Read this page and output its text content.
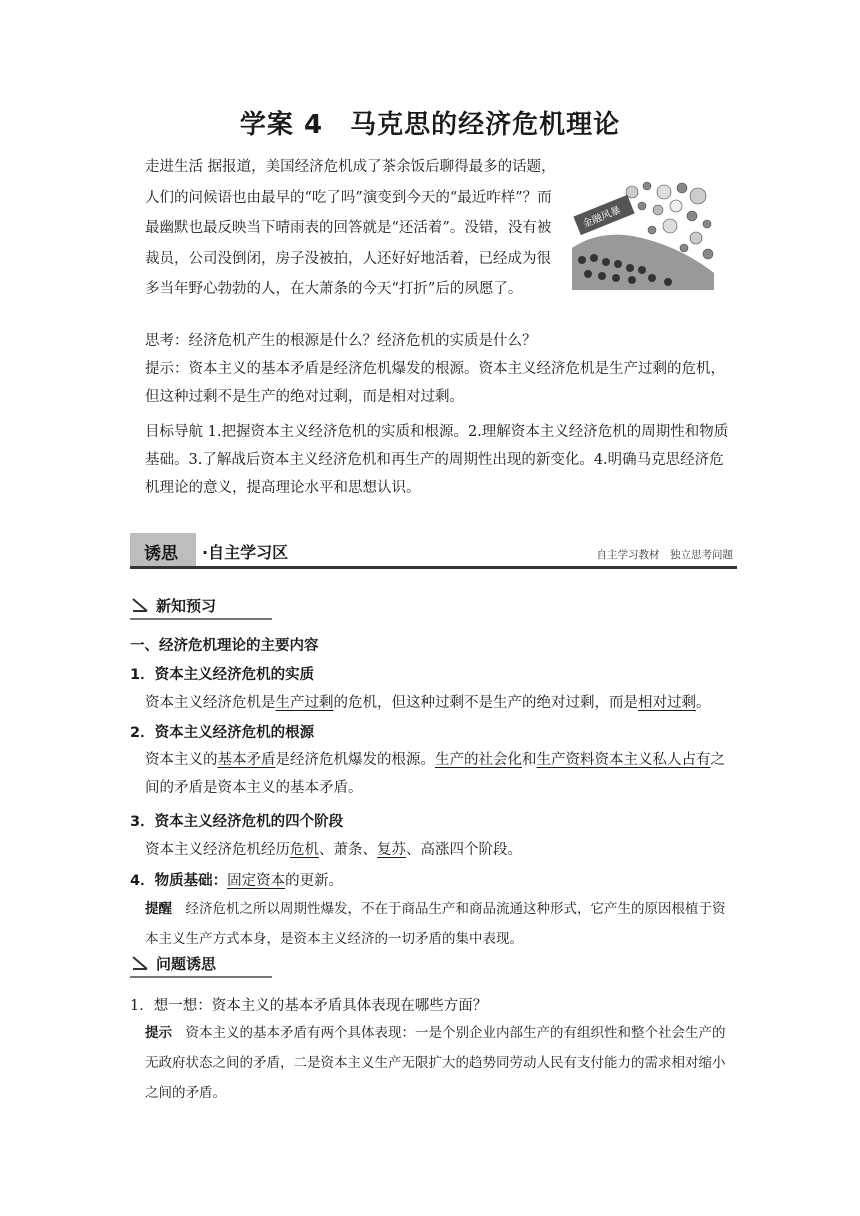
学案 4　马克思的经济危机理论
走进生活 据报道，美国经济危机成了茶余饭后聊得最多的话题，人们的问候语也由最早的“吃了吗”演变到今天的“最近咋样”？而最幽默也最反映当下晴雨表的回答就是“还活着”。没错，没有被裁员，公司没倒闭，房子没被拍，人还好好地活着，已经成为很多当年野心勃勃的人，在大萧条的今天“打折”后的夙愿了。
金融风暴
思考：经济危机产生的根源是什么？经济危机的实质是什么？
提示：资本主义的基本矛盾是经济危机爆发的根源。资本主义经济危机是生产过剩的危机，但这种过剩不是生产的绝对过剩，而是相对过剩。
目标导航 1.把握资本主义经济危机的实质和根源。2.理解资本主义经济危机的周期性和物质基础。3.了解战后资本主义经济危机和再生产的周期性出现的新变化。4.明确马克思经济危机理论的意义，提高理论水平和思想认识。
诱思 ·自主学习区	自主学习教材　独立思考问题
新知预习
一、经济危机理论的主要内容
1．资本主义经济危机的实质
资本主义经济危机是生产过剩的危机，但这种过剩不是生产的绝对过剩，而是相对过剩。
2．资本主义经济危机的根源
资本主义的基本矛盾是经济危机爆发的根源。生产的社会化和生产资料资本主义私人占有之间的矛盾是资本主义的基本矛盾。
3．资本主义经济危机的四个阶段
资本主义经济危机经历危机、萧条、复苏、高涨四个阶段。
4．物质基础：固定资本的更新。
提醒　经济危机之所以周期性爆发，不在于商品生产和商品流通这种形式，它产生的原因根植于资本主义生产方式本身，是资本主义经济的一切矛盾的集中表现。
问题诱思
1．想一想：资本主义的基本矛盾具体表现在哪些方面？
提示　资本主义的基本矛盾有两个具体表现：一是个别企业内部生产的有组织性和整个社会生产的无政府状态之间的矛盾，二是资本主义生产无限扩大的趋势同劳动人民有支付能力的需求相对缩小之间的矛盾。
